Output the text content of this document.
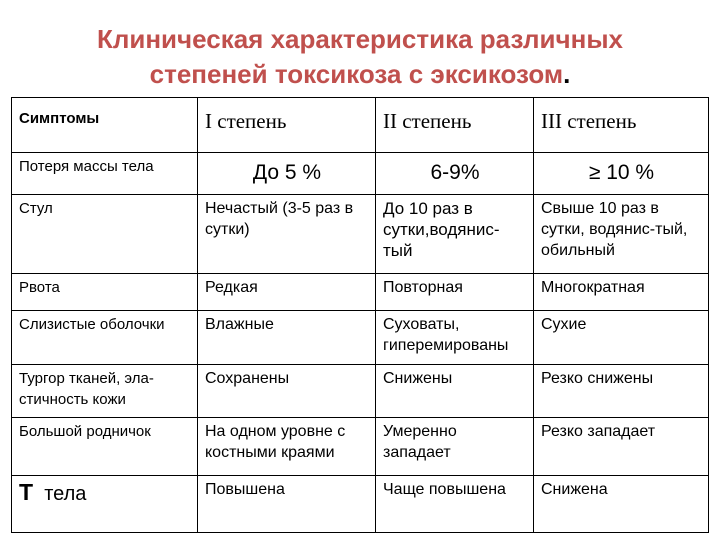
Клиническая характеристика различных
степеней токсикоза с эксикозом.
Симптомы	I степень	II степень	III степень
Потеря массы тела	До 5 %	6-9%	≥ 10 %
Стул	Нечастый (3-5 раз в сутки)	До 10 раз в сутки,водянис-тый	Свыше 10 раз в сутки, водянис-тый, обильный
Рвота	Редкая	Повторная	Многократная
Слизистые оболочки	Влажные	Суховаты, гиперемированы	Сухие
Тургор тканей, эла-стичность кожи	Сохранены	Снижены	Резко снижены
Большой родничок	На одном уровне с костными краями	Умеренно западает	Резко западает
Т тела	Повышена	Чаще повышена	Снижена
